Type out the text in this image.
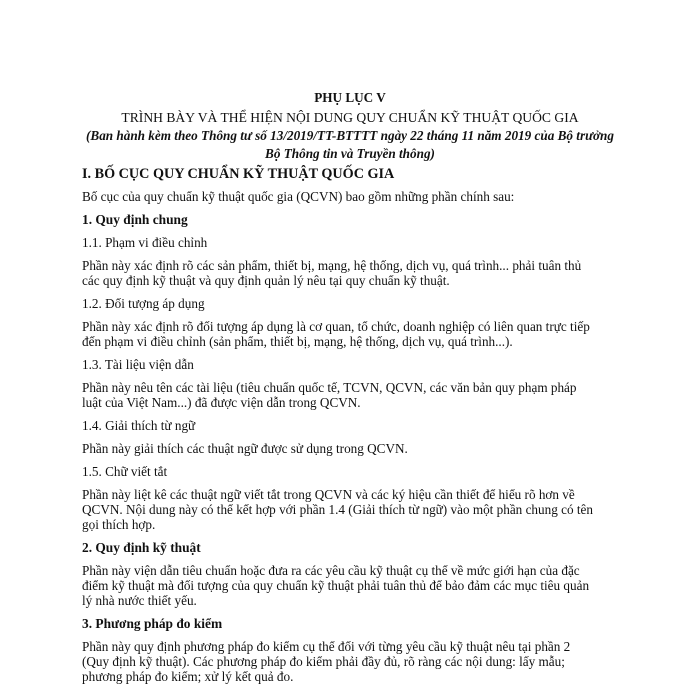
PHỤ LỤC V

TRÌNH BÀY VÀ THỂ HIỆN NỘI DUNG QUY CHUẨN KỸ THUẬT QUỐC GIA

(Ban hành kèm theo Thông tư số 13/2019/TT-BTTTT ngày 22 tháng 11 năm 2019 của Bộ trưởng

Bộ Thông tin và Truyền thông)

I. BỐ CỤC QUY CHUẨN KỸ THUẬT QUỐC GIA

Bố cục của quy chuẩn kỹ thuật quốc gia (QCVN) bao gồm những phần chính sau:

1. Quy định chung

1.1. Phạm vi điều chỉnh

Phần này xác định rõ các sản phẩm, thiết bị, mạng, hệ thống, dịch vụ, quá trình... phải tuân thủ

các quy định kỹ thuật và quy định quản lý nêu tại quy chuẩn kỹ thuật.

1.2. Đối tượng áp dụng

Phần này xác định rõ đối tượng áp dụng là cơ quan, tổ chức, doanh nghiệp có liên quan trực tiếp

đến phạm vi điều chỉnh (sản phẩm, thiết bị, mạng, hệ thống, dịch vụ, quá trình...).

1.3. Tài liệu viện dẫn

Phần này nêu tên các tài liệu (tiêu chuẩn quốc tế, TCVN, QCVN, các văn bản quy phạm pháp

luật của Việt Nam...) đã được viện dẫn trong QCVN.

1.4. Giải thích từ ngữ

Phần này giải thích các thuật ngữ được sử dụng trong QCVN.

1.5. Chữ viết tắt

Phần này liệt kê các thuật ngữ viết tắt trong QCVN và các ký hiệu cần thiết để hiểu rõ hơn về

QCVN. Nội dung này có thể kết hợp với phần 1.4 (Giải thích từ ngữ) vào một phần chung có tên

gọi thích hợp.

2. Quy định kỹ thuật

Phần này viện dẫn tiêu chuẩn hoặc đưa ra các yêu cầu kỹ thuật cụ thể về mức giới hạn của đặc

điểm kỹ thuật mà đối tượng của quy chuẩn kỹ thuật phải tuân thủ để bảo đảm các mục tiêu quản

lý nhà nước thiết yếu.

3. Phương pháp đo kiểm

Phần này quy định phương pháp đo kiểm cụ thể đối với từng yêu cầu kỹ thuật nêu tại phần 2

(Quy định kỹ thuật). Các phương pháp đo kiểm phải đầy đủ, rõ ràng các nội dung: lấy mẫu;

phương pháp đo kiểm; xử lý kết quả đo.
